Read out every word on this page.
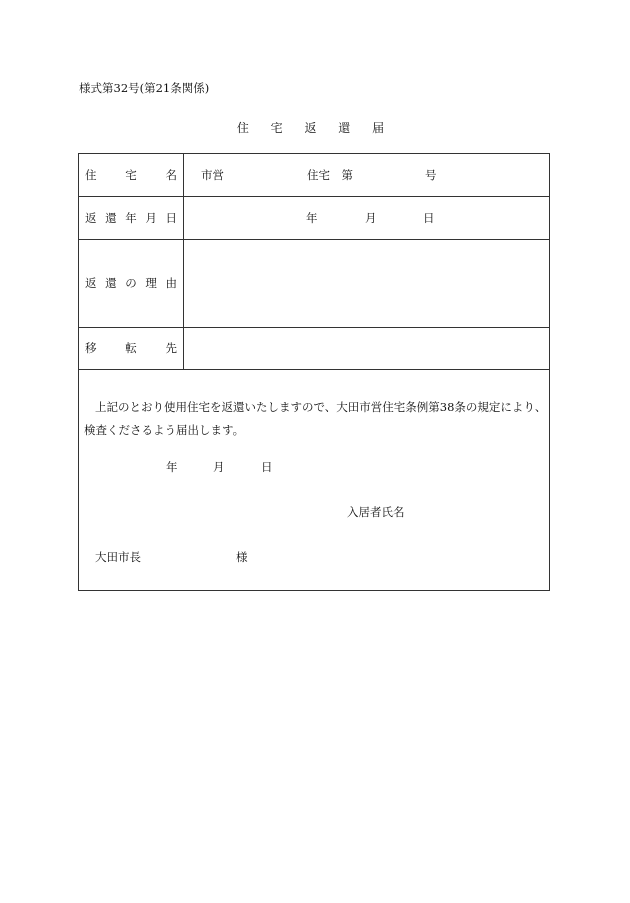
様式第32号(第21条関係)
住 宅 返 還 届
住	宅	名 市営	住宅　第	号
返 還 年 月 日	年	月	日
返 還 の 理 由
移	転	先
上記のとおり使用住宅を返還いたしますので、大田市営住宅条例第38条の規定により、
検査くださるよう届出します。
年	月	日
入居者氏名
大田市長	様
